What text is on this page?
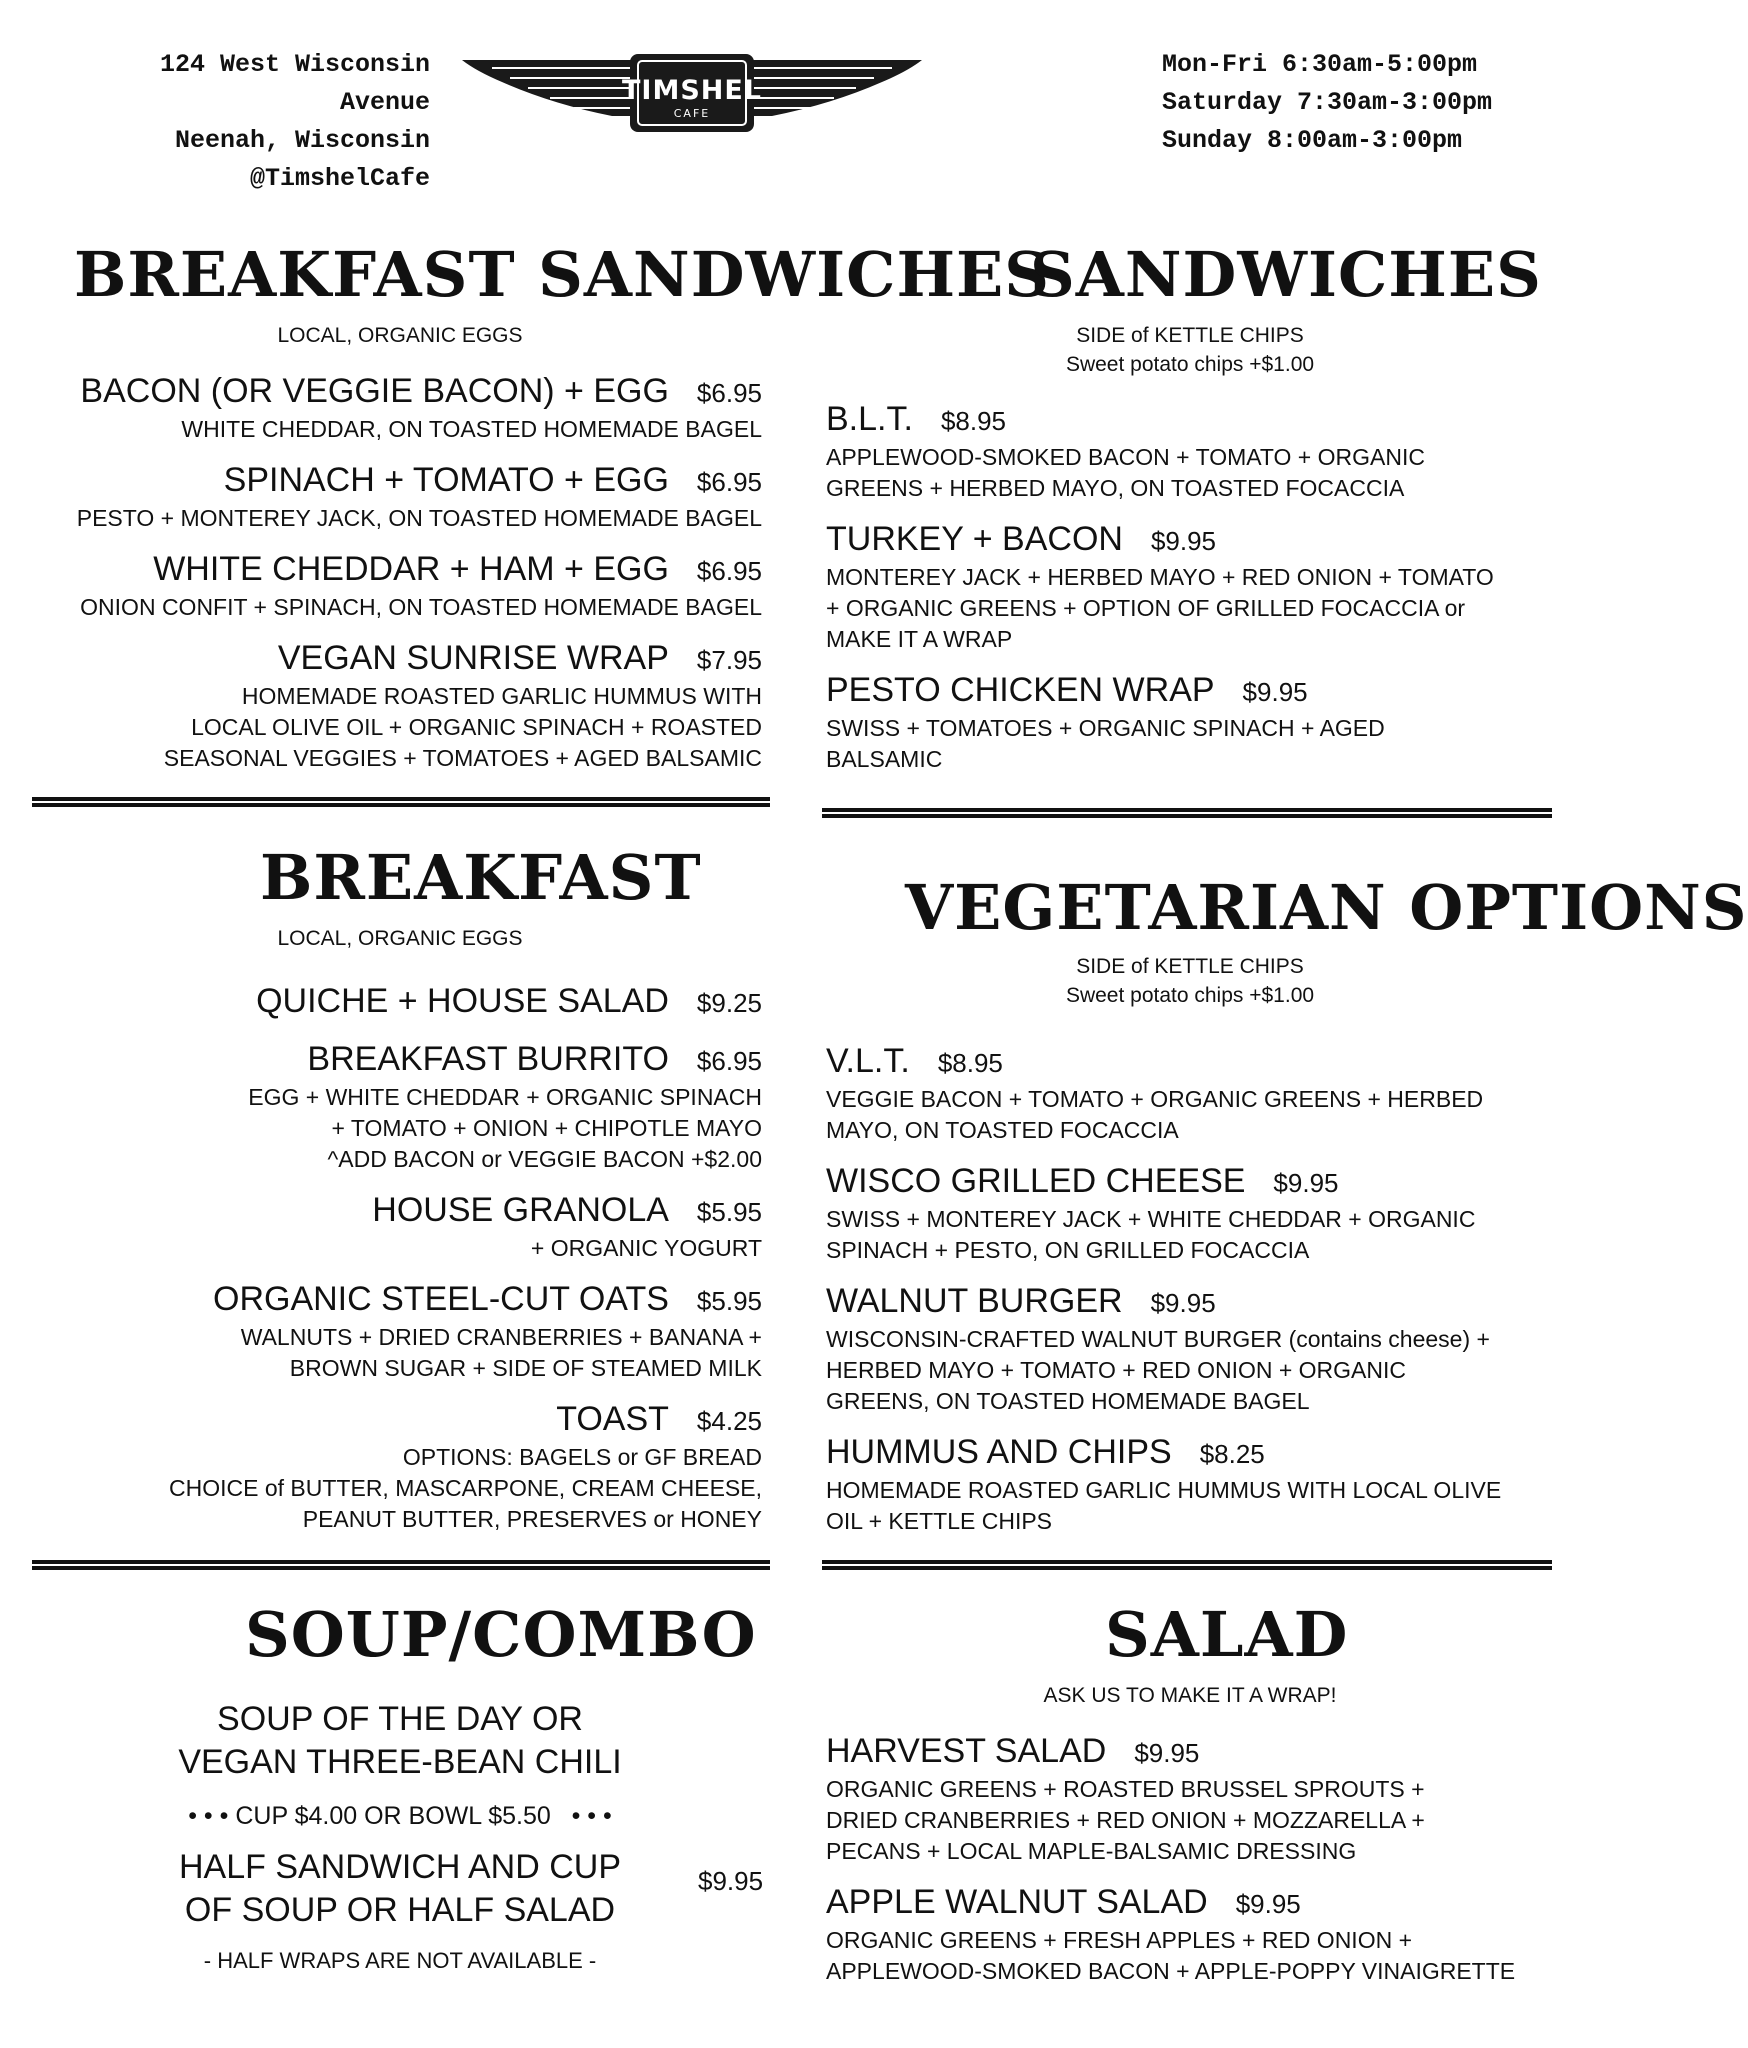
124 West Wisconsin Avenue
Neenah, Wisconsin
@TimshelCafe
TIMSHEL
CAFE
Mon-Fri 6:30am-5:00pm
Saturday 7:30am-3:00pm
Sunday 8:00am-3:00pm
BREAKFAST SANDWICHES
LOCAL, ORGANIC EGGS
BACON (OR VEGGIE BACON) + EGG $6.95
WHITE CHEDDAR, ON TOASTED HOMEMADE BAGEL
SPINACH + TOMATO + EGG $6.95
PESTO + MONTEREY JACK, ON TOASTED HOMEMADE BAGEL
WHITE CHEDDAR + HAM + EGG $6.95
ONION CONFIT + SPINACH, ON TOASTED HOMEMADE BAGEL
VEGAN SUNRISE WRAP $7.95
HOMEMADE ROASTED GARLIC HUMMUS WITH
LOCAL OLIVE OIL + ORGANIC SPINACH + ROASTED
SEASONAL VEGGIES + TOMATOES + AGED BALSAMIC
SANDWICHES
SIDE of KETTLE CHIPS
Sweet potato chips +$1.00
B.L.T. $8.95
APPLEWOOD-SMOKED BACON + TOMATO + ORGANIC
GREENS + HERBED MAYO, ON TOASTED FOCACCIA
TURKEY + BACON $9.95
MONTEREY JACK + HERBED MAYO + RED ONION + TOMATO
+ ORGANIC GREENS + OPTION OF GRILLED FOCACCIA or
MAKE IT A WRAP
PESTO CHICKEN WRAP $9.95
SWISS + TOMATOES + ORGANIC SPINACH + AGED
BALSAMIC
BREAKFAST
LOCAL, ORGANIC EGGS
QUICHE + HOUSE SALAD $9.25
BREAKFAST BURRITO $6.95
EGG + WHITE CHEDDAR + ORGANIC SPINACH
+ TOMATO + ONION + CHIPOTLE MAYO
^ADD BACON or VEGGIE BACON +$2.00
HOUSE GRANOLA $5.95
+ ORGANIC YOGURT
ORGANIC STEEL-CUT OATS $5.95
WALNUTS + DRIED CRANBERRIES + BANANA +
BROWN SUGAR + SIDE OF STEAMED MILK
TOAST $4.25
OPTIONS: BAGELS or GF BREAD
CHOICE of BUTTER, MASCARPONE, CREAM CHEESE,
PEANUT BUTTER, PRESERVES or HONEY
VEGETARIAN OPTIONS
SIDE of KETTLE CHIPS
Sweet potato chips +$1.00
V.L.T. $8.95
VEGGIE BACON + TOMATO + ORGANIC GREENS + HERBED
MAYO, ON TOASTED FOCACCIA
WISCO GRILLED CHEESE $9.95
SWISS + MONTEREY JACK + WHITE CHEDDAR + ORGANIC
SPINACH + PESTO, ON GRILLED FOCACCIA
WALNUT BURGER $9.95
WISCONSIN-CRAFTED WALNUT BURGER (contains cheese) +
HERBED MAYO + TOMATO + RED ONION + ORGANIC
GREENS, ON TOASTED HOMEMADE BAGEL
HUMMUS AND CHIPS $8.25
HOMEMADE ROASTED GARLIC HUMMUS WITH LOCAL OLIVE
OIL + KETTLE CHIPS
SOUP/COMBO
SOUP OF THE DAY OR
VEGAN THREE-BEAN CHILI
• • • CUP $4.00 OR BOWL $5.50   • • •
HALF SANDWICH AND CUP
OF SOUP OR HALF SALAD
- HALF WRAPS ARE NOT AVAILABLE -
$9.95
SALAD
ASK US TO MAKE IT A WRAP!
HARVEST SALAD $9.95
ORGANIC GREENS + ROASTED BRUSSEL SPROUTS +
DRIED CRANBERRIES + RED ONION + MOZZARELLA +
PECANS + LOCAL MAPLE-BALSAMIC DRESSING
APPLE WALNUT SALAD $9.95
ORGANIC GREENS + FRESH APPLES + RED ONION +
APPLEWOOD-SMOKED BACON + APPLE-POPPY VINAIGRETTE
